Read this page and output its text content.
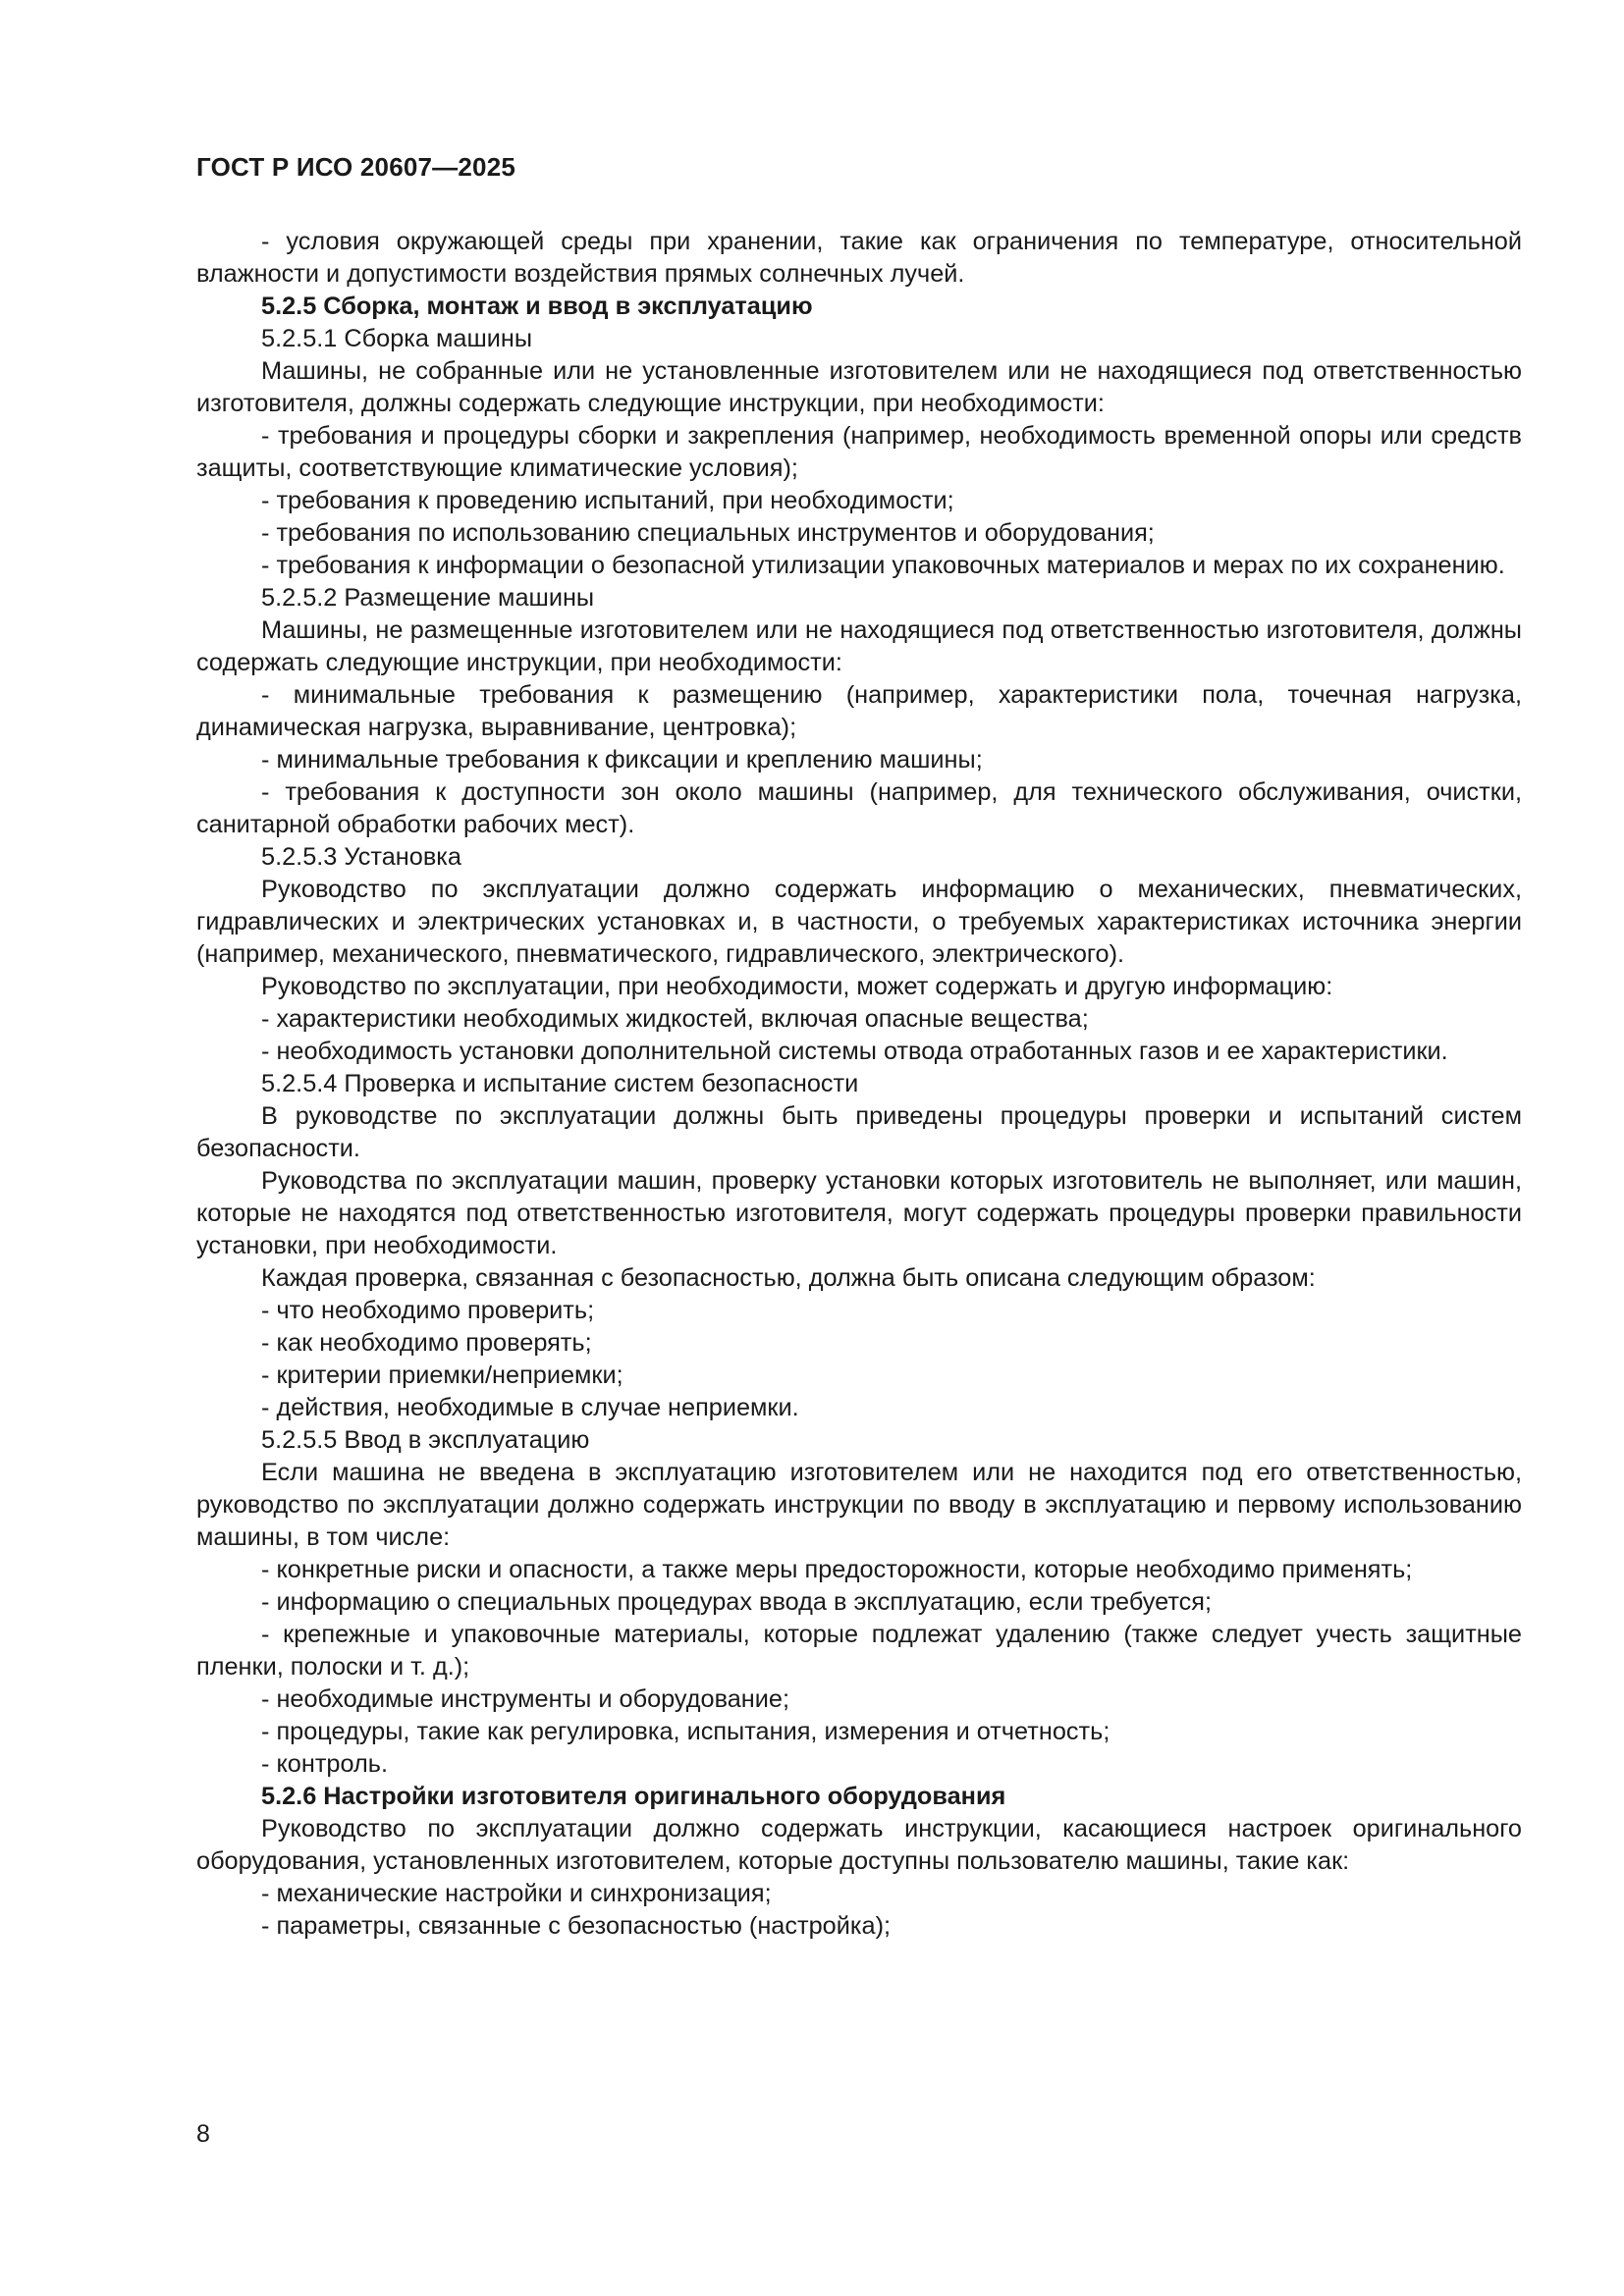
ГОСТ Р ИСО 20607—2025

- условия окружающей среды при хранении, такие как ограничения по температуре, относительной влажности и допустимости воздействия прямых солнечных лучей.

5.2.5 Сборка, монтаж и ввод в эксплуатацию

5.2.5.1 Сборка машины

Машины, не собранные или не установленные изготовителем или не находящиеся под ответственностью изготовителя, должны содержать следующие инструкции, при необходимости:

- требования и процедуры сборки и закрепления (например, необходимость временной опоры или средств защиты, соответствующие климатические условия);

- требования к проведению испытаний, при необходимости;

- требования по использованию специальных инструментов и оборудования;

- требования к информации о безопасной утилизации упаковочных материалов и мерах по их сохранению.

5.2.5.2 Размещение машины

Машины, не размещенные изготовителем или не находящиеся под ответственностью изготовителя, должны содержать следующие инструкции, при необходимости:

- минимальные требования к размещению (например, характеристики пола, точечная нагрузка, динамическая нагрузка, выравнивание, центровка);

- минимальные требования к фиксации и креплению машины;

- требования к доступности зон около машины (например, для технического обслуживания, очистки, санитарной обработки рабочих мест).

5.2.5.3 Установка

Руководство по эксплуатации должно содержать информацию о механических, пневматических, гидравлических и электрических установках и, в частности, о требуемых характеристиках источника энергии (например, механического, пневматического, гидравлического, электрического).

Руководство по эксплуатации, при необходимости, может содержать и другую информацию:

- характеристики необходимых жидкостей, включая опасные вещества;

- необходимость установки дополнительной системы отвода отработанных газов и ее характеристики.

5.2.5.4 Проверка и испытание систем безопасности

В руководстве по эксплуатации должны быть приведены процедуры проверки и испытаний систем безопасности.

Руководства по эксплуатации машин, проверку установки которых изготовитель не выполняет, или машин, которые не находятся под ответственностью изготовителя, могут содержать процедуры проверки правильности установки, при необходимости.

Каждая проверка, связанная с безопасностью, должна быть описана следующим образом:

- что необходимо проверить;

- как необходимо проверять;

- критерии приемки/неприемки;

- действия, необходимые в случае неприемки.

5.2.5.5 Ввод в эксплуатацию

Если машина не введена в эксплуатацию изготовителем или не находится под его ответственностью, руководство по эксплуатации должно содержать инструкции по вводу в эксплуатацию и первому использованию машины, в том числе:

- конкретные риски и опасности, а также меры предосторожности, которые необходимо применять;

- информацию о специальных процедурах ввода в эксплуатацию, если требуется;

- крепежные и упаковочные материалы, которые подлежат удалению (также следует учесть защитные пленки, полоски и т. д.);

- необходимые инструменты и оборудование;

- процедуры, такие как регулировка, испытания, измерения и отчетность;

- контроль.

5.2.6 Настройки изготовителя оригинального оборудования

Руководство по эксплуатации должно содержать инструкции, касающиеся настроек оригинального оборудования, установленных изготовителем, которые доступны пользователю машины, такие как:

- механические настройки и синхронизация;

- параметры, связанные с безопасностью (настройка);

8
